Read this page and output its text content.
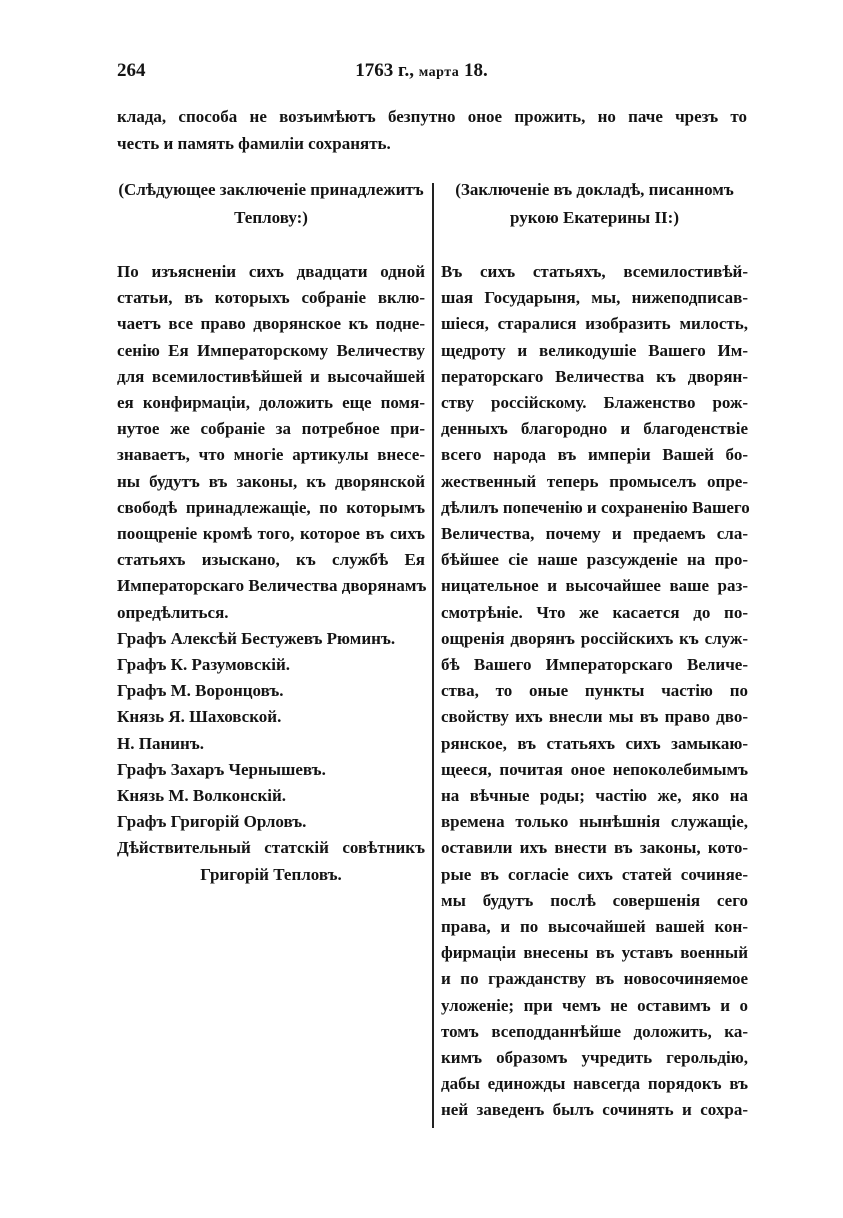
264	1763 г., марта 18.
клада, способа не возъимѣютъ безпутно оное прожить, но паче чрезъ то
честь и память фамилiи сохранять.
(Слѣдующее заключенiе принадлежитъ
Теплову:)
(Заключенiе въ докладѣ, писанномъ
рукою Екатерины II:)
По изъясненiи сихъ двадцати одной
статьи, въ которыхъ собранiе вклю-
чаетъ все право дворянское къ подне-
сенiю Ея Императорскому Величеству
для всемилостивѣйшей и высочайшей
ея конфирмацiи, доложить еще помя-
нутое же собранiе за потребное при-
знаваетъ, что многiе артикулы внесе-
ны будутъ въ законы, къ дворянской
свободѣ принадлежащiе, по которымъ
поощренiе кромѣ того, которое въ сихъ
статьяхъ изыскано, къ службѣ Ея
Императорскаго Величества дворянамъ
опредѣлиться.
Графъ Алексѣй Бестужевъ Рюминъ.
Графъ К. Разумовскiй.
Графъ М. Воронцовъ.
Князь Я. Шаховской.
Н. Панинъ.
Графъ Захаръ Чернышевъ.
Князь М. Волконскiй.
Графъ Григорiй Орловъ.
Дѣйствительный статскiй совѣтникъ
Григорiй Тепловъ.
Въ сихъ статьяхъ, всемилостивѣй-
шая Государыня, мы, нижеподписав-
шiеся, старалися изобразить милость,
щедроту и великодушiе Вашего Им-
ператорскаго Величества къ дворян-
ству россiйскому. Блаженство рож-
денныхъ благородно и благоденствiе
всего народа въ имперiи Вашей бо-
жественный теперь промыселъ опре-
дѣлилъ попеченiю и сохраненiю Вашего
Величества, почему и предаемъ сла-
бѣйшее сiе наше разсужденiе на про-
ницательное и высочайшее ваше раз-
смотрѣнiе. Что же касается до по-
ощренiя дворянъ россiйскихъ къ служ-
бѣ Вашего Императорскаго Величе-
ства, то оные пункты частiю по
свойству ихъ внесли мы въ право дво-
рянское, въ статьяхъ сихъ замыкаю-
щееся, почитая оное непоколебимымъ
на вѣчные роды; частiю же, яко на
времена только нынѣшнiя служащiе,
оставили ихъ внести въ законы, кото-
рые въ согласiе сихъ статей сочиняе-
мы будутъ послѣ совершенiя сего
права, и по высочайшей вашей кон-
фирмацiи внесены въ уставъ военный
и по гражданству въ новосочиняемое
уложенiе; при чемъ не оставимъ и о
томъ всеподданнѣйше доложить, ка-
кимъ образомъ учредить герольдiю,
дабы единожды навсегда порядокъ въ
ней заведенъ былъ сочинять и сохра-
